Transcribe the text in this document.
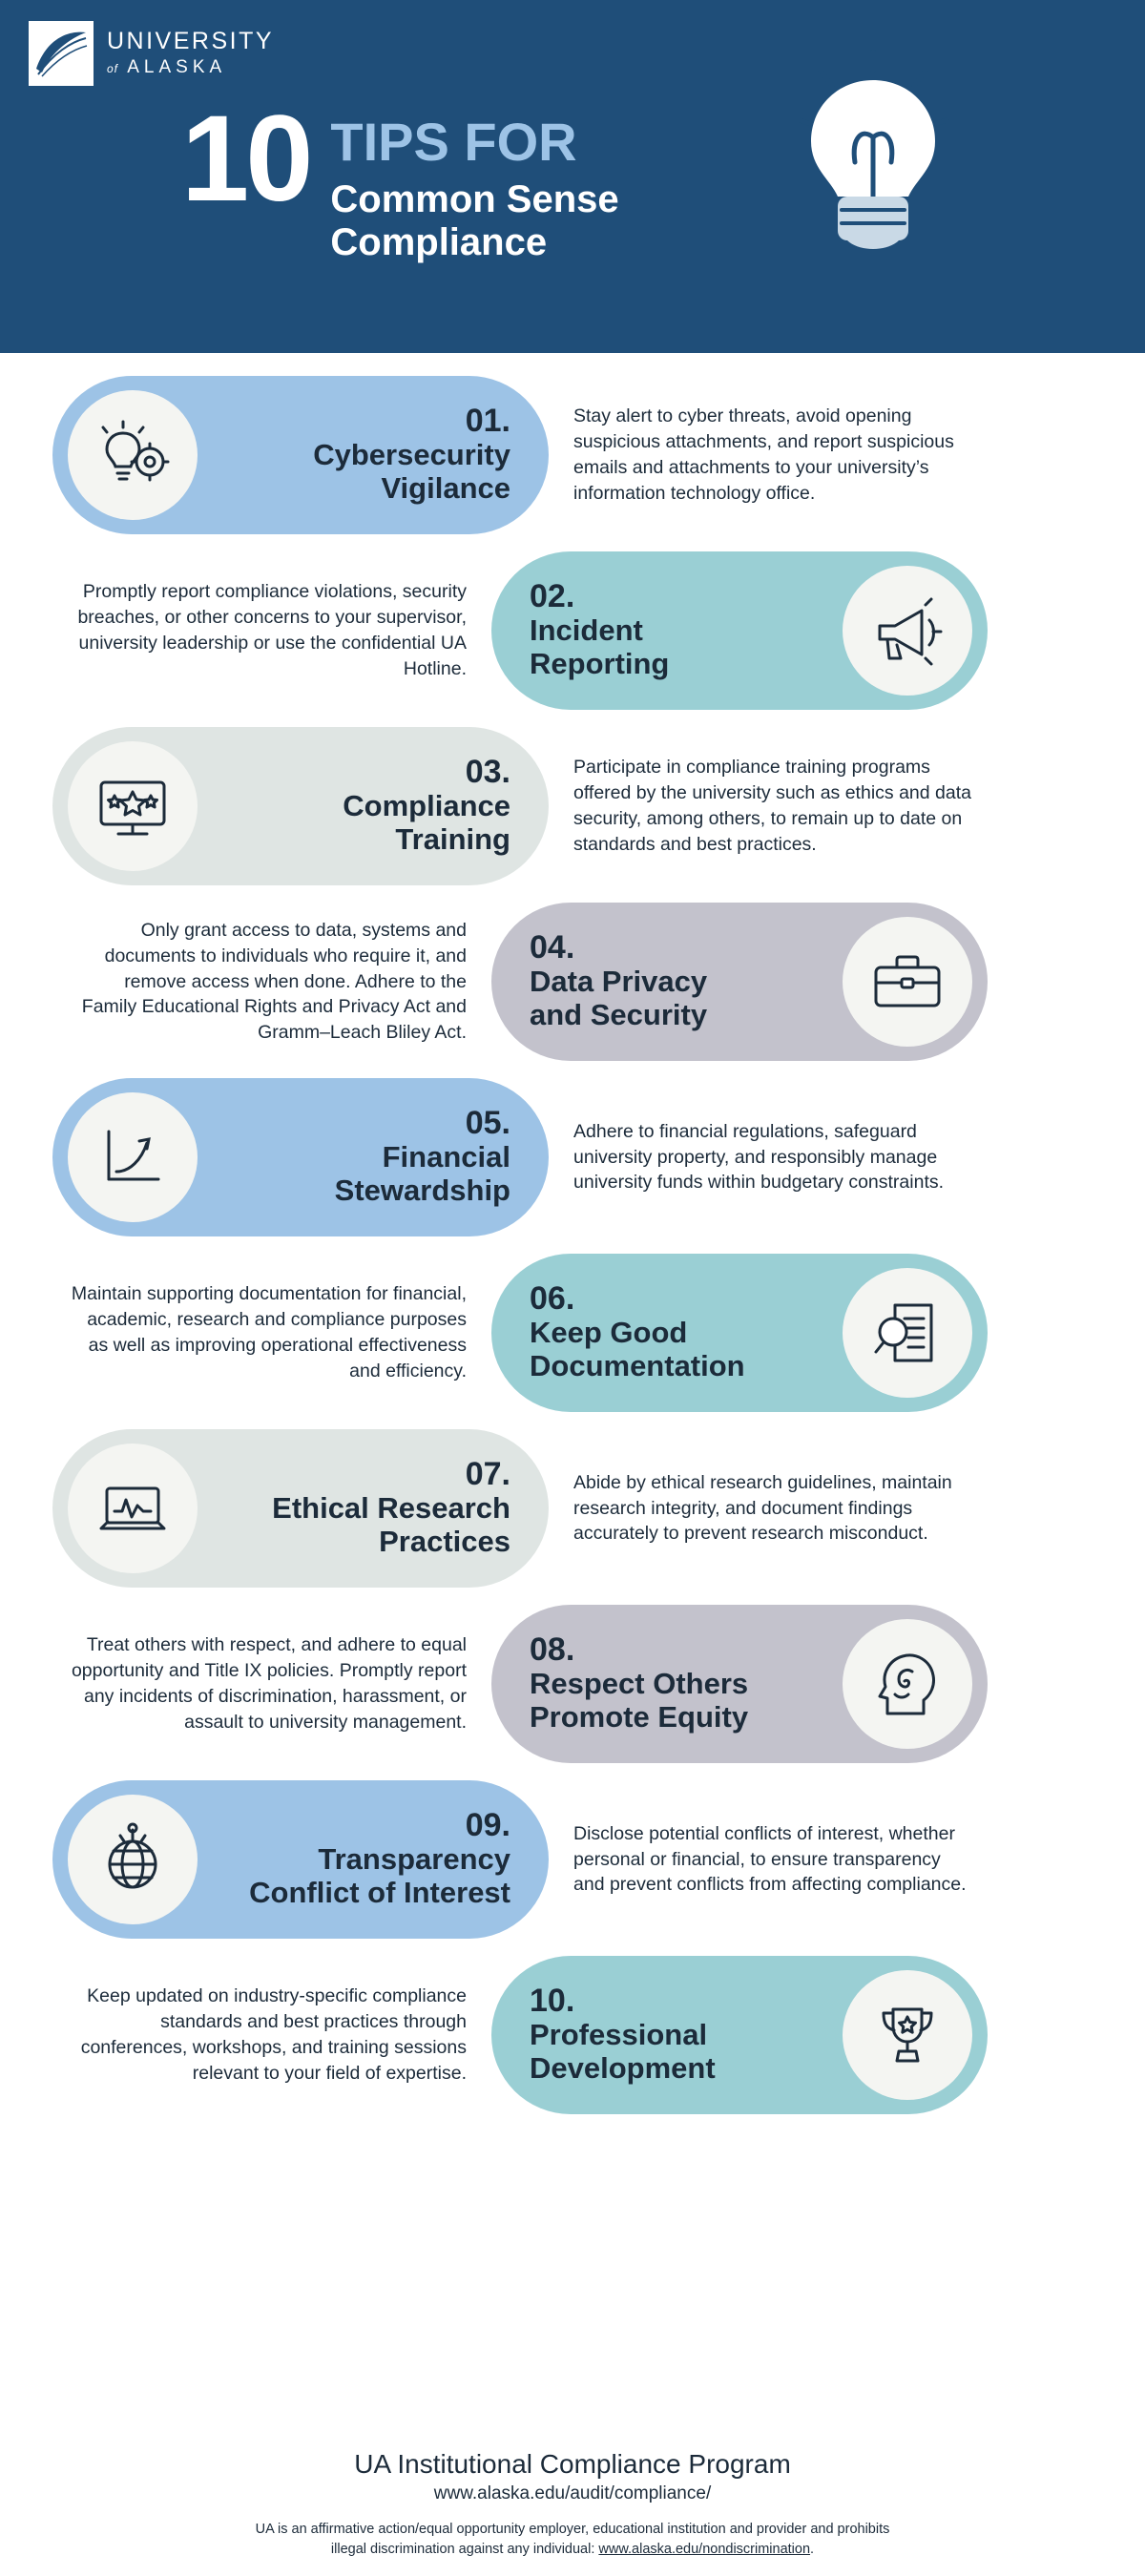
UNIVERSITY
of ALASKA
10 TIPS FOR
Common Sense
Compliance
01.
Cybersecurity
Vigilance
Stay alert to cyber threats, avoid opening suspicious attachments, and report suspicious emails and attachments to your university’s information technology office.
Promptly report compliance violations, security breaches, or other concerns to your supervisor, university leadership or use the confidential UA Hotline.
02.
Incident
Reporting
03.
Compliance
Training
Participate in compliance training programs offered by the university such as ethics and data security, among others, to remain up to date on standards and best practices.
Only grant access to data, systems and documents to individuals who require it, and remove access when done. Adhere to the Family Educational Rights and Privacy Act and Gramm–Leach Bliley Act.
04.
Data Privacy
and Security
05.
Financial
Stewardship
Adhere to financial regulations, safeguard university property, and responsibly manage university funds within budgetary constraints.
Maintain supporting documentation for financial, academic, research and compliance purposes as well as improving operational effectiveness and efficiency.
06.
Keep Good
Documentation
07.
Ethical Research
Practices
Abide by ethical research guidelines, maintain research integrity, and document findings accurately to prevent research misconduct.
Treat others with respect, and adhere to equal opportunity and Title IX policies. Promptly report any incidents of discrimination, harassment, or assault to university management.
08.
Respect Others
Promote Equity
09.
Transparency
Conflict of Interest
Disclose potential conflicts of interest, whether personal or financial, to ensure transparency and prevent conflicts from affecting compliance.
Keep updated on industry-specific compliance standards and best practices through conferences, workshops, and training sessions relevant to your field of expertise.
10.
Professional
Development
UA Institutional Compliance Program
www.alaska.edu/audit/compliance/
UA is an affirmative action/equal opportunity employer, educational institution and provider and prohibits
illegal discrimination against any individual: www.alaska.edu/nondiscrimination.
